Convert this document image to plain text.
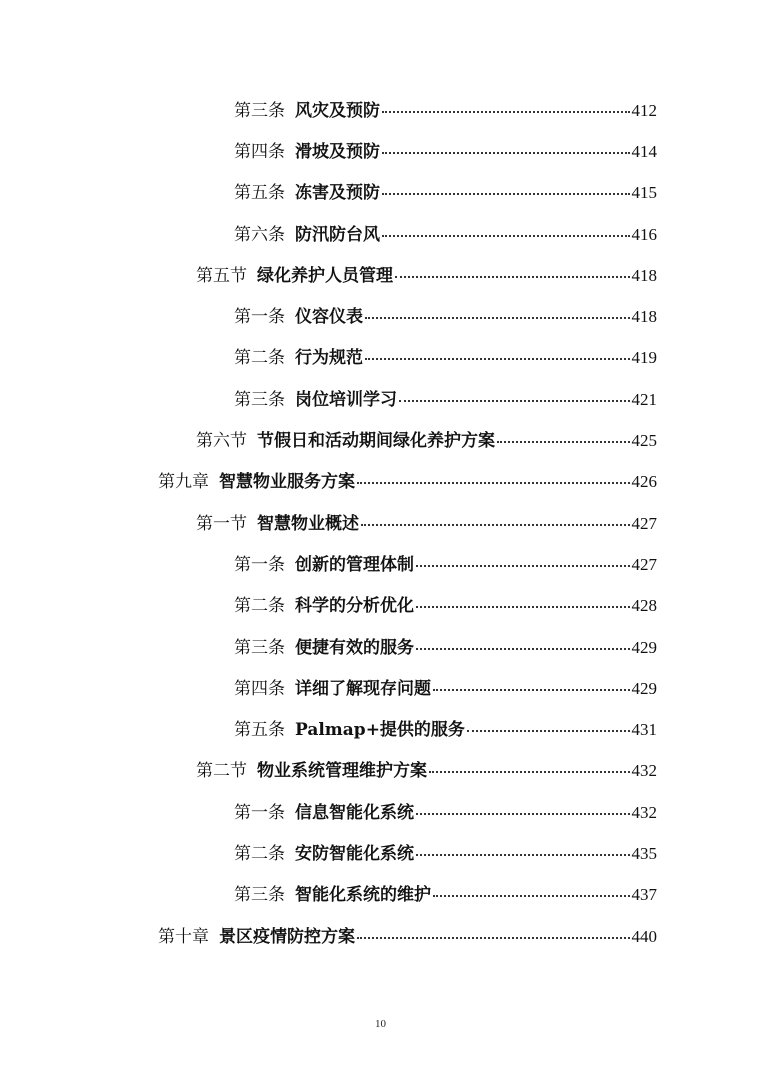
第三条 风灾及预防	412
第四条 滑坡及预防	414
第五条 冻害及预防	415
第六条 防汛防台风	416
第五节 绿化养护人员管理	418
第一条 仪容仪表	418
第二条 行为规范	419
第三条 岗位培训学习	421
第六节 节假日和活动期间绿化养护方案	425
第九章 智慧物业服务方案	426
第一节 智慧物业概述	427
第一条 创新的管理体制	427
第二条 科学的分析优化	428
第三条 便捷有效的服务	429
第四条 详细了解现存问题	429
第五条 Palmap+提供的服务	431
第二节 物业系统管理维护方案	432
第一条 信息智能化系统	432
第二条 安防智能化系统	435
第三条 智能化系统的维护	437
第十章 景区疫情防控方案	440
10
